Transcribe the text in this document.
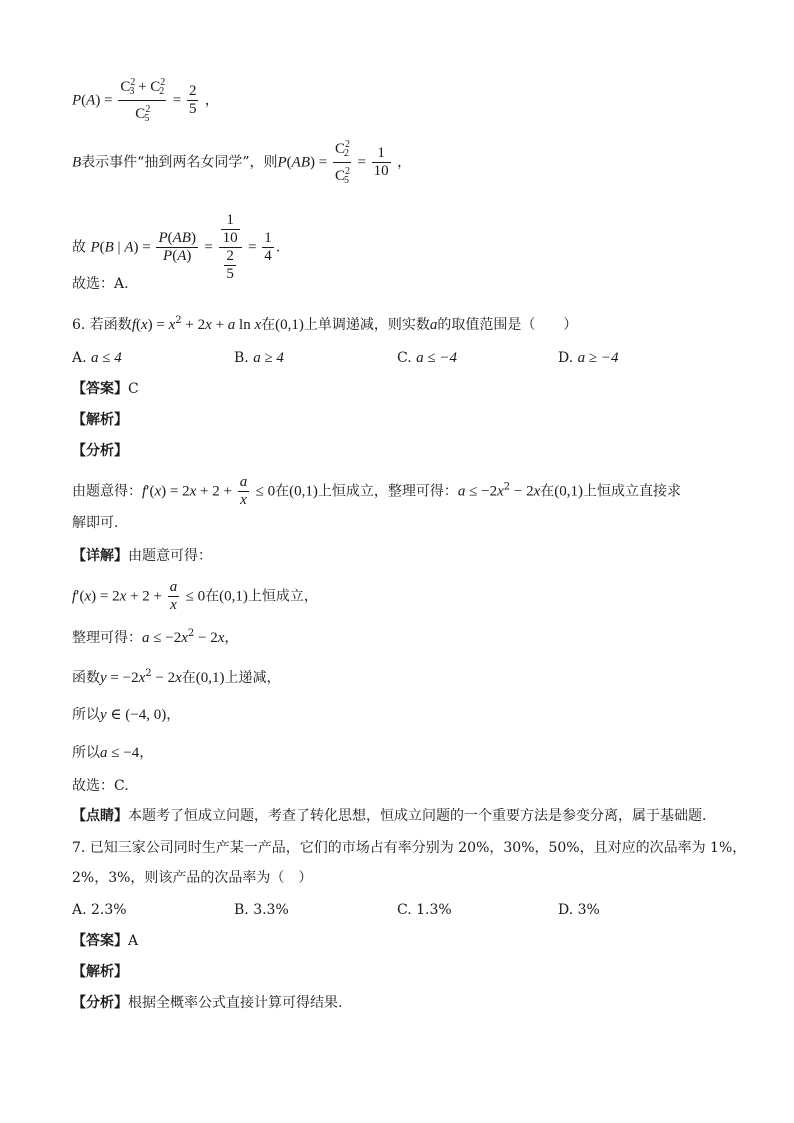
$P(A) = \frac{C^2_3 + C^2_2}{C^2_5} = \frac{2}{5}$ ，
B表示事件“抽到两名女同学”，则$P(AB) = \frac{C^2_2}{C^2_5} = \frac{1}{10}$ ，
故 P(B | $A) = \frac{P(AB)}{P(A)} = \frac{\frac{1}{10}}{\frac{2}{5}} = \frac{1}{4}$ .
故选：A.
6. 若函数$f(x) = x^2 + 2x + a$ ln x在(0,1)上单调递减，则实数a的取值范围是（　　）
A. a ≤ 4	B. a ≥ 4	C. a ≤ −4	D. a ≥ −4
【答案】C
【解析】
【分析】
由题意得：$f'(x) = 2x + 2 + \frac{a}{x} \le 0$在(0,1)上恒成立，整理可得：$a \le -2x^2 - 2x$在(0,1)上恒成立直接求
解即可.
【详解】由题意可得：
$f'(x) = 2x + 2 + \frac{a}{x} \le 0$在(0,1)上恒成立，
整理可得：$a \le -2x^2 - 2x$，
函数$y = -2x^2 - 2x$在(0,1)上递减，
所以y ∈ (−4, 0)，
所以a ≤ −4，
故选：C.
【点睛】本题考了恒成立问题，考查了转化思想，恒成立问题的一个重要方法是参变分离，属于基础题.
7. 已知三家公司同时生产某一产品，它们的市场占有率分别为 20%，30%，50%，且对应的次品率为 1%，
2%，3%，则该产品的次品率为（　）
A. 2.3%	B. 3.3%	C. 1.3%	D. 3%
【答案】A
【解析】
【分析】根据全概率公式直接计算可得结果.
